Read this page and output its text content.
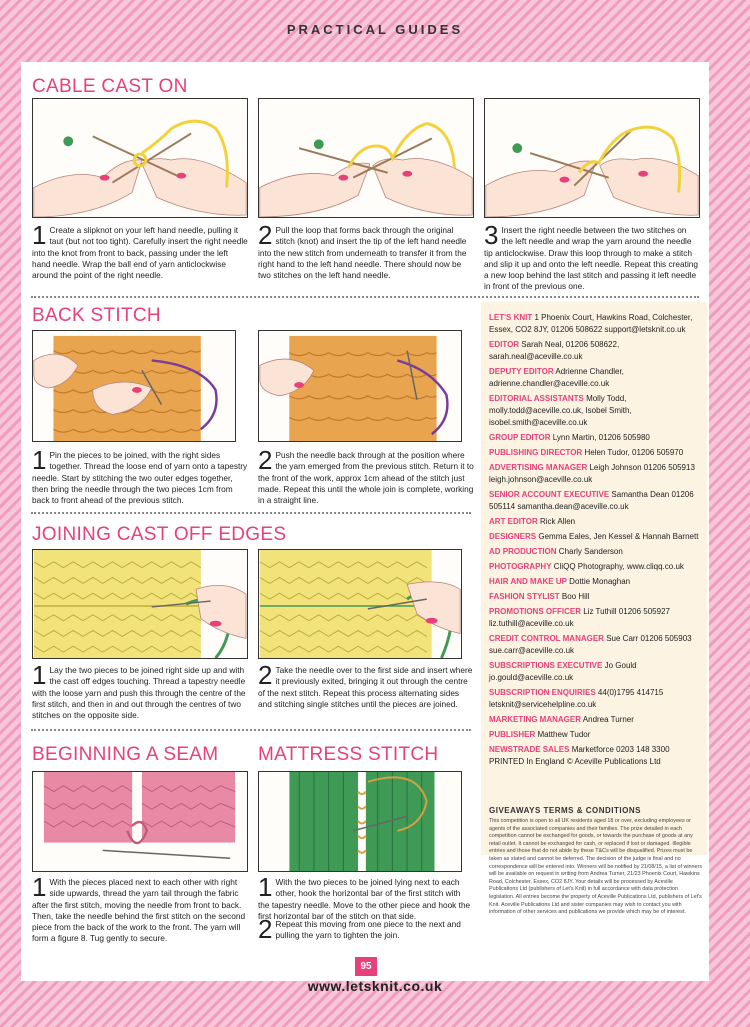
PRACTICAL GUIDES
CABLE CAST ON
1 Create a slipknot on your left hand needle, pulling it taut (but not too tight). Carefully insert the right needle into the knot from front to back, passing under the left hand needle. Wrap the ball end of yarn anticlockwise around the point of the right needle.
2 Pull the loop that forms back through the original stitch (knot) and insert the tip of the left hand needle into the new stitch from underneath to transfer it from the right hand to the left hand needle. There should now be two stitches on the left hand needle.
3 Insert the right needle between the two stitches on the left needle and wrap the yarn around the needle tip anticlockwise. Draw this loop through to make a stitch and slip it up and onto the left needle. Repeat this creating a new loop behind the last stitch and passing it left needle in front of the previous one.
BACK STITCH
1 Pin the pieces to be joined, with the right sides together. Thread the loose end of yarn onto a tapestry needle. Start by stitching the two outer edges together, then bring the needle through the two pieces 1cm from back to front ahead of the previous stitch.
2 Push the needle back through at the position where the yarn emerged from the previous stitch. Return it to the front of the work, approx 1cm ahead of the stitch just made. Repeat this until the whole join is complete, working in a straight line.
JOINING CAST OFF EDGES
1 Lay the two pieces to be joined right side up and with the cast off edges touching. Thread a tapestry needle with the loose yarn and push this through the centre of the first stitch, and then in and out through the centres of two stitches on the opposite side.
2 Take the needle over to the first side and insert where it previously exited, bringing it out through the centre of the next stitch. Repeat this process alternating sides and stitching single stitches until the pieces are joined.
BEGINNING A SEAM
1 With the pieces placed next to each other with right side upwards, thread the yarn tail through the fabric after the first stitch, moving the needle from front to back. Then, take the needle behind the first stitch on the second piece from the back of the work to the front. The yarn will form a figure 8. Tug gently to secure.
MATTRESS STITCH
1 With the two pieces to be joined lying next to each other, hook the horizontal bar of the first stitch with the tapestry needle. Move to the other piece and hook the first horizontal bar of the stitch on that side.
2 Repeat this moving from one piece to the next and pulling the yarn to tighten the join.
LET'S KNIT 1 Phoenix Court, Hawkins Road, Colchester, Essex, CO2 8JY, 01206 508622 support@letsknit.co.uk
EDITOR Sarah Neal, 01206 508622, sarah.neal@aceville.co.uk
DEPUTY EDITOR Adrienne Chandler, adrienne.chandler@aceville.co.uk
EDITORIAL ASSISTANTS Molly Todd, molly.todd@aceville.co.uk, Isobel Smith, isobel.smith@aceville.co.uk
GROUP EDITOR Lynn Martin, 01206 505980
PUBLISHING DIRECTOR Helen Tudor, 01206 505970
ADVERTISING MANAGER Leigh Johnson 01206 505913 leigh.johnson@aceville.co.uk
SENIOR ACCOUNT EXECUTIVE Samantha Dean 01206 505114 samantha.dean@aceville.co.uk
ART EDITOR Rick Allen
DESIGNERS Gemma Eales, Jen Kessel & Hannah Barnett
AD PRODUCTION Charly Sanderson
PHOTOGRAPHY CliQQ Photography, www.cliqq.co.uk
HAIR AND MAKE UP Dottie Monaghan
FASHION STYLIST Boo Hill
PROMOTIONS OFFICER Liz Tuthill 01206 505927 liz.tuthill@aceville.co.uk
CREDIT CONTROL MANAGER Sue Carr 01206 505903 sue.carr@aceville.co.uk
SUBSCRIPTIONS EXECUTIVE Jo Gould jo.gould@aceville.co.uk
SUBSCRIPTION ENQUIRIES 44(0)1795 414715 letsknit@servicehelpline.co.uk
MARKETING MANAGER Andrea Turner
PUBLISHER Matthew Tudor
NEWSTRADE SALES Marketforce 0203 148 3300 PRINTED In England © Aceville Publications Ltd
GIVEAWAYS TERMS & CONDITIONS
This competition is open to all UK residents aged 18 or over, excluding employees or agents of the associated companies and their families. The prize detailed in each competition cannot be exchanged for goods, or towards the purchase of goods at any retail outlet. It cannot be exchanged for cash, or replaced if lost or damaged. Illegible entries and those that do not abide by these T&Cs will be disqualified. Prizes must be taken as stated and cannot be deferred. The decision of the judge is final and no correspondence will be entered into. Winners will be notified by 21/08/15, a list of winners will be available on request in writing from Andrea Turner, 21/23 Phoenix Court, Hawkins Road, Colchester, Essex, CO2 8JY. Your details will be processed by Aceville Publications Ltd (publishers of Let's Knit) in full accordance with data protection legislation. All entries become the property of Aceville Publications Ltd, publishers of Let's Knit. Aceville Publications Ltd and sister companies may wish to contact you with information of other services and publications we provide which may be of interest.
95
www.letsknit.co.uk
